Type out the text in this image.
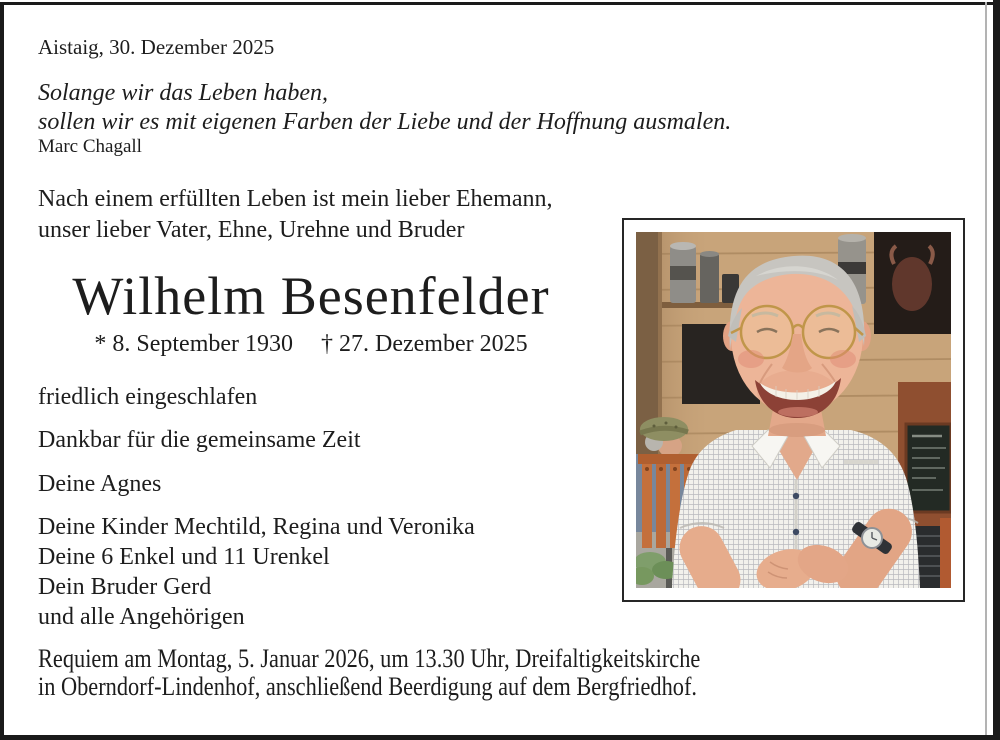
Aistaig, 30. Dezember 2025
Solange wir das Leben haben,
sollen wir es mit eigenen Farben der Liebe und der Hoffnung ausmalen.
Marc Chagall
Nach einem erfüllten Leben ist mein lieber Ehemann,
unser lieber Vater, Ehne, Urehne und Bruder
Wilhelm Besenfelder
* 8. September 1930 † 27. Dezember 2025
friedlich eingeschlafen
Dankbar für die gemeinsame Zeit
Deine Agnes
Deine Kinder Mechtild, Regina und Veronika
Deine 6 Enkel und 11 Urenkel
Dein Bruder Gerd
und alle Angehörigen
Requiem am Montag, 5. Januar 2026, um 13.30 Uhr, Dreifaltigkeitskirche
in Oberndorf-Lindenhof, anschließend Beerdigung auf dem Bergfriedhof.
